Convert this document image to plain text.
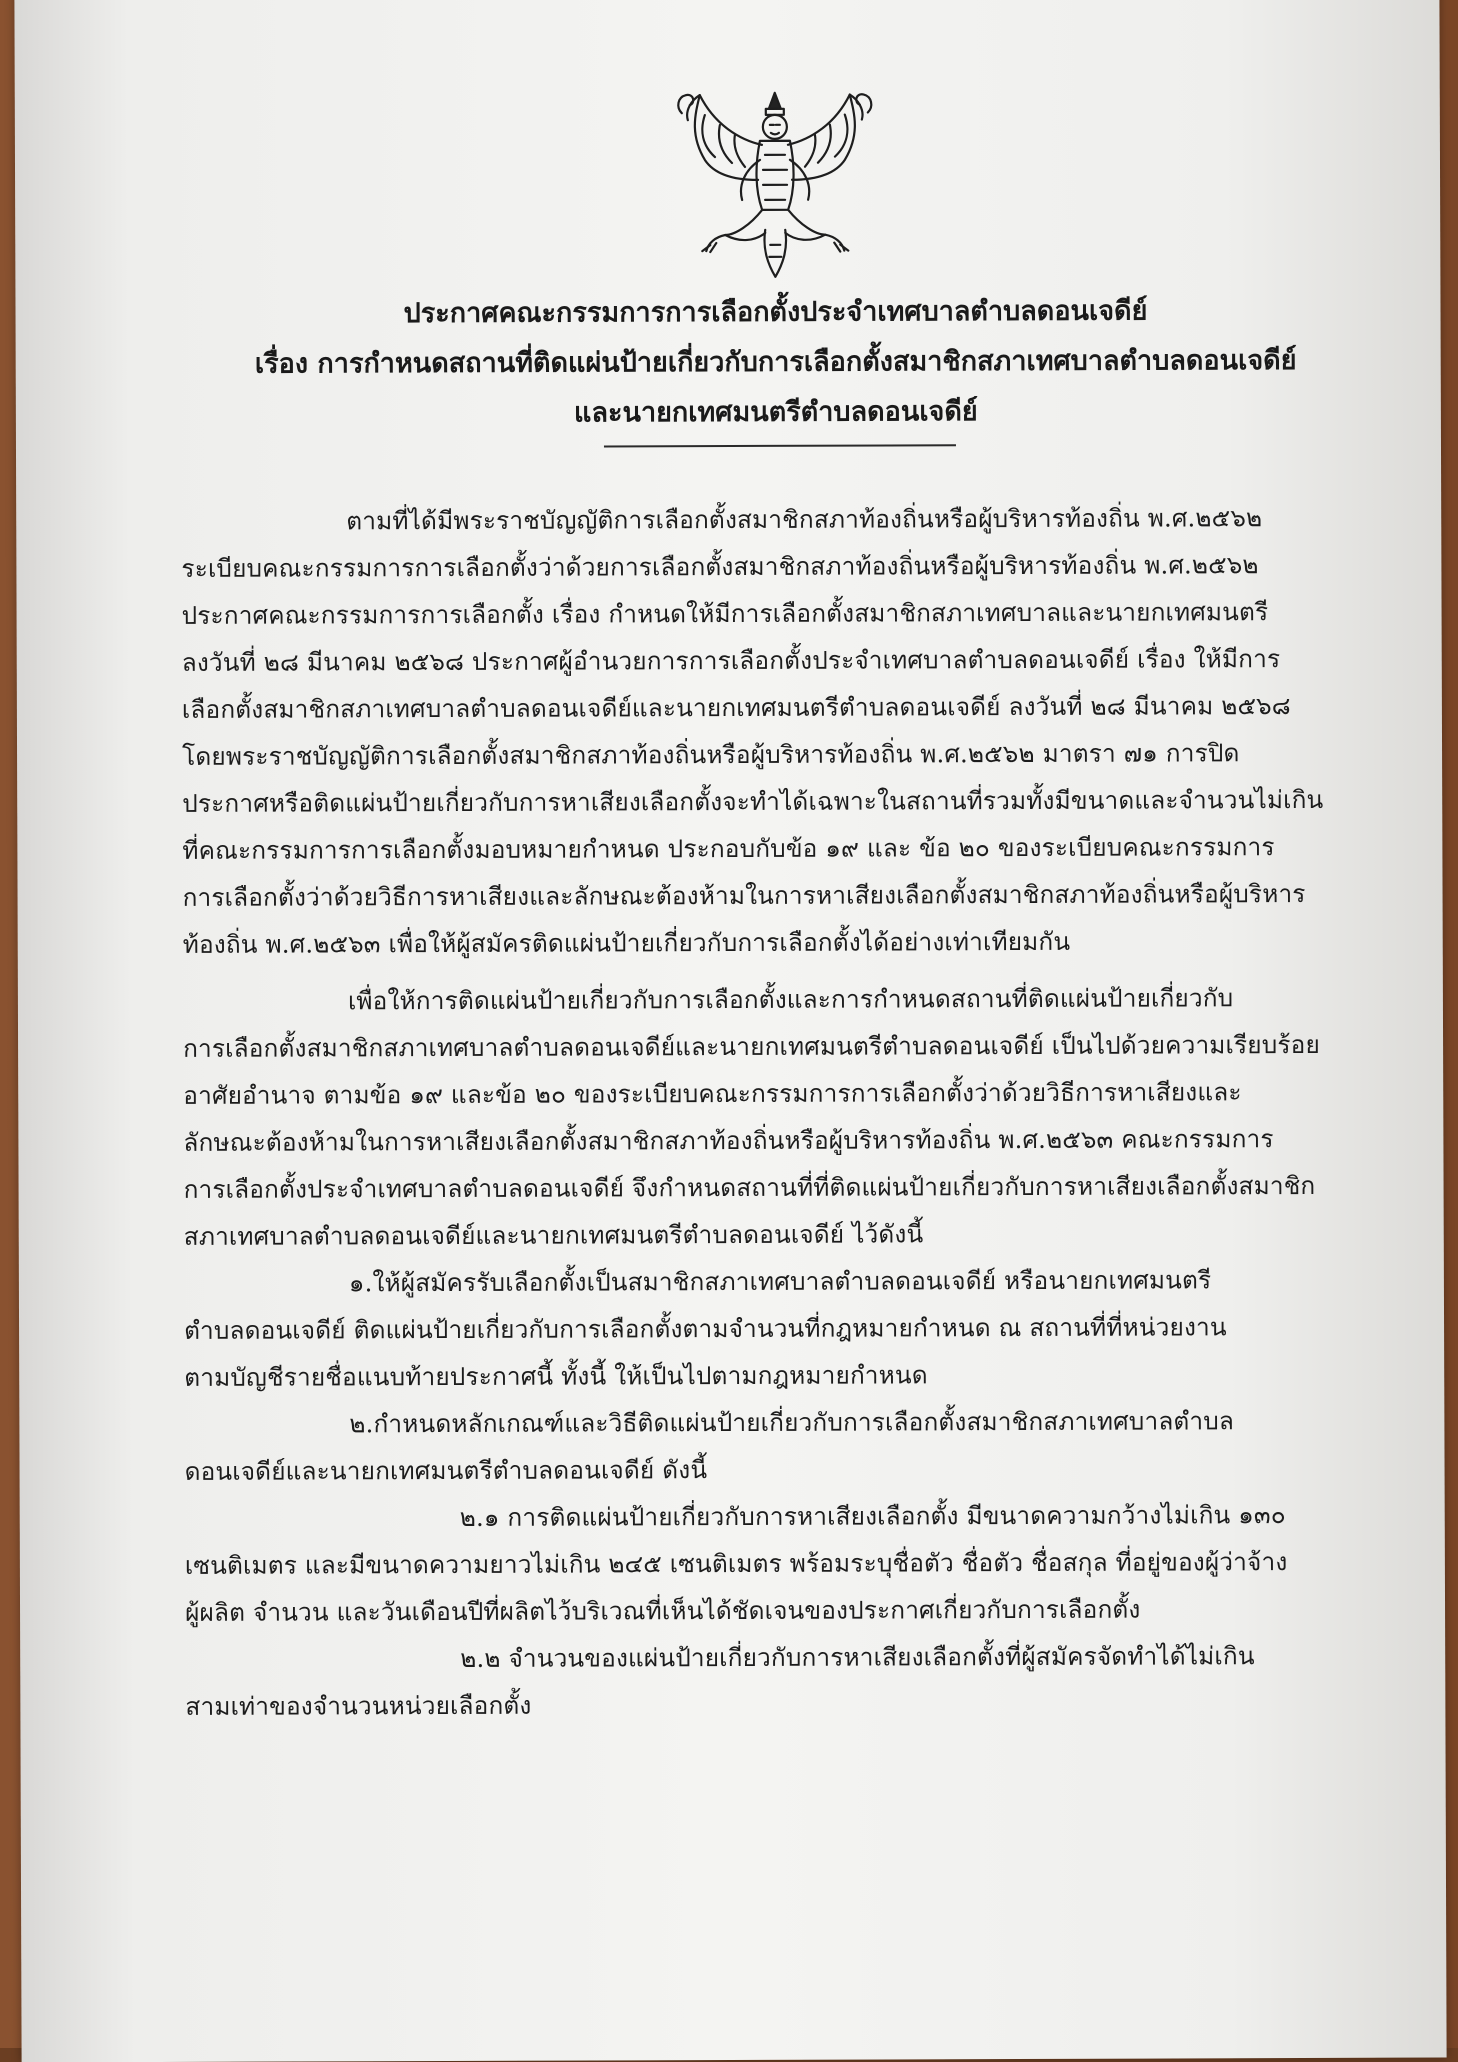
ประกาศคณะกรรมการการเลือกตั้งประจำเทศบาลตำบลดอนเจดีย์
เรื่อง การกำหนดสถานที่ติดแผ่นป้ายเกี่ยวกับการเลือกตั้งสมาชิกสภาเทศบาลตำบลดอนเจดีย์
และนายกเทศมนตรีตำบลดอนเจดีย์
ตามที่ได้มีพระราชบัญญัติการเลือกตั้งสมาชิกสภาท้องถิ่นหรือผู้บริหารท้องถิ่น พ.ศ.๒๕๖๒
ระเบียบคณะกรรมการการเลือกตั้งว่าด้วยการเลือกตั้งสมาชิกสภาท้องถิ่นหรือผู้บริหารท้องถิ่น พ.ศ.๒๕๖๒
ประกาศคณะกรรมการการเลือกตั้ง เรื่อง กำหนดให้มีการเลือกตั้งสมาชิกสภาเทศบาลและนายกเทศมนตรี
ลงวันที่ ๒๘ มีนาคม ๒๕๖๘ ประกาศผู้อำนวยการการเลือกตั้งประจำเทศบาลตำบลดอนเจดีย์ เรื่อง ให้มีการ
เลือกตั้งสมาชิกสภาเทศบาลตำบลดอนเจดีย์และนายกเทศมนตรีตำบลดอนเจดีย์ ลงวันที่ ๒๘ มีนาคม ๒๕๖๘
โดยพระราชบัญญัติการเลือกตั้งสมาชิกสภาท้องถิ่นหรือผู้บริหารท้องถิ่น พ.ศ.๒๕๖๒ มาตรา ๗๑ การปิด
ประกาศหรือติดแผ่นป้ายเกี่ยวกับการหาเสียงเลือกตั้งจะทำได้เฉพาะในสถานที่รวมทั้งมีขนาดและจำนวนไม่เกิน
ที่คณะกรรมการการเลือกตั้งมอบหมายกำหนด ประกอบกับข้อ ๑๙ และ ข้อ ๒๐ ของระเบียบคณะกรรมการ
การเลือกตั้งว่าด้วยวิธีการหาเสียงและลักษณะต้องห้ามในการหาเสียงเลือกตั้งสมาชิกสภาท้องถิ่นหรือผู้บริหาร
ท้องถิ่น พ.ศ.๒๕๖๓ เพื่อให้ผู้สมัครติดแผ่นป้ายเกี่ยวกับการเลือกตั้งได้อย่างเท่าเทียมกัน
เพื่อให้การติดแผ่นป้ายเกี่ยวกับการเลือกตั้งและการกำหนดสถานที่ติดแผ่นป้ายเกี่ยวกับ
การเลือกตั้งสมาชิกสภาเทศบาลตำบลดอนเจดีย์และนายกเทศมนตรีตำบลดอนเจดีย์ เป็นไปด้วยความเรียบร้อย
อาศัยอำนาจ ตามข้อ ๑๙ และข้อ ๒๐ ของระเบียบคณะกรรมการการเลือกตั้งว่าด้วยวิธีการหาเสียงและ
ลักษณะต้องห้ามในการหาเสียงเลือกตั้งสมาชิกสภาท้องถิ่นหรือผู้บริหารท้องถิ่น พ.ศ.๒๕๖๓ คณะกรรมการ
การเลือกตั้งประจำเทศบาลตำบลดอนเจดีย์ จึงกำหนดสถานที่ที่ติดแผ่นป้ายเกี่ยวกับการหาเสียงเลือกตั้งสมาชิก
สภาเทศบาลตำบลดอนเจดีย์และนายกเทศมนตรีตำบลดอนเจดีย์ ไว้ดังนี้
๑.ให้ผู้สมัครรับเลือกตั้งเป็นสมาชิกสภาเทศบาลตำบลดอนเจดีย์ หรือนายกเทศมนตรี
ตำบลดอนเจดีย์ ติดแผ่นป้ายเกี่ยวกับการเลือกตั้งตามจำนวนที่กฎหมายกำหนด ณ สถานที่ที่หน่วยงาน
ตามบัญชีรายชื่อแนบท้ายประกาศนี้ ทั้งนี้ ให้เป็นไปตามกฎหมายกำหนด
๒.กำหนดหลักเกณฑ์และวิธีติดแผ่นป้ายเกี่ยวกับการเลือกตั้งสมาชิกสภาเทศบาลตำบล
ดอนเจดีย์และนายกเทศมนตรีตำบลดอนเจดีย์ ดังนี้
๒.๑ การติดแผ่นป้ายเกี่ยวกับการหาเสียงเลือกตั้ง มีขนาดความกว้างไม่เกิน ๑๓๐
เซนติเมตร และมีขนาดความยาวไม่เกิน ๒๔๕ เซนติเมตร พร้อมระบุชื่อตัว ชื่อตัว ชื่อสกุล ที่อยู่ของผู้ว่าจ้าง
ผู้ผลิต จำนวน และวันเดือนปีที่ผลิตไว้บริเวณที่เห็นได้ชัดเจนของประกาศเกี่ยวกับการเลือกตั้ง
๒.๒ จำนวนของแผ่นป้ายเกี่ยวกับการหาเสียงเลือกตั้งที่ผู้สมัครจัดทำได้ไม่เกิน
สามเท่าของจำนวนหน่วยเลือกตั้ง
